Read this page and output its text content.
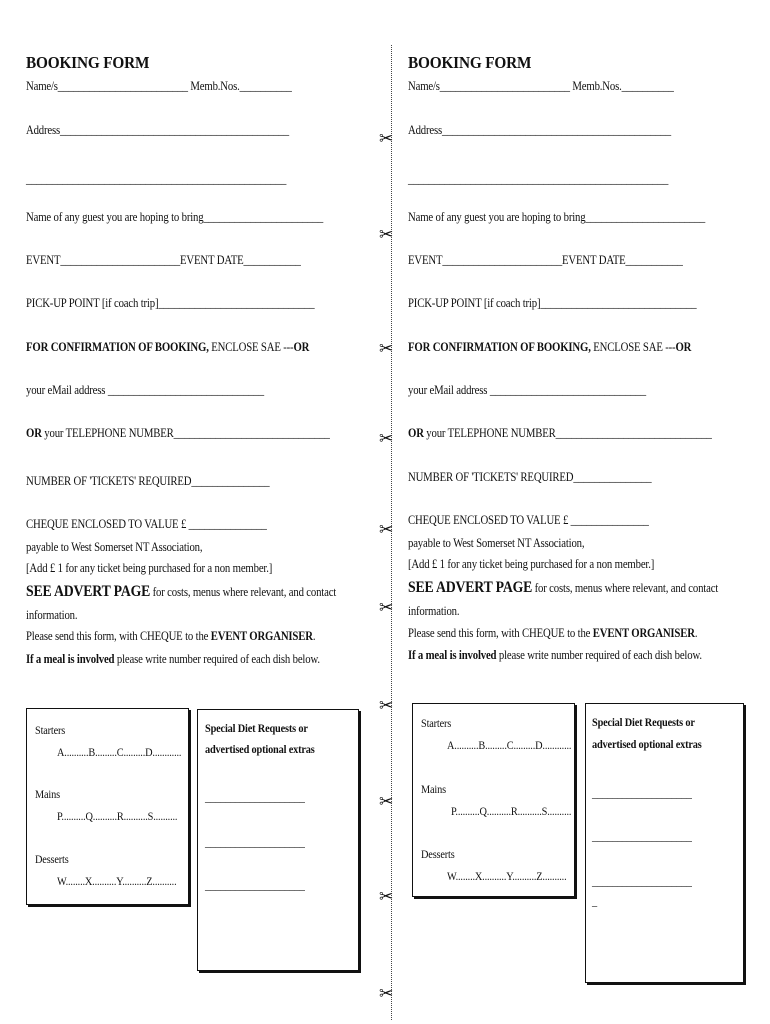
BOOKING FORM
Name/s_________________________ Memb.Nos.__________
Address____________________________________________
__________________________________________________
Name of any guest you are hoping to bring_______________________
EVENT_______________________EVENT DATE___________
PICK-UP POINT [if coach trip]______________________________
FOR CONFIRMATION OF BOOKING, ENCLOSE SAE ---OR
your eMail address ______________________________
OR your TELEPHONE NUMBER______________________________
NUMBER OF 'TICKETS' REQUIRED_______________
CHEQUE ENCLOSED TO VALUE £ _______________
payable to West Somerset NT Association,
[Add £ 1 for any ticket being purchased for a non member.]
SEE ADVERT PAGE for costs, menus where relevant, and contact
information.
Please send this form, with CHEQUE to the EVENT ORGANISER.
If a meal is involved please write number required of each dish below.
Starters
A..........B.........C.........D............
Mains
P..........Q..........R..........S..........
Desserts
W........X..........Y..........Z..........
Special Diet Requests or
advertised optional extras
____________________
____________________
____________________
BOOKING FORM
Name/s_________________________ Memb.Nos.__________
Address____________________________________________
__________________________________________________
Name of any guest you are hoping to bring_______________________
EVENT_______________________EVENT DATE___________
PICK-UP POINT [if coach trip]______________________________
FOR CONFIRMATION OF BOOKING, ENCLOSE SAE ---OR
your eMail address ______________________________
OR your TELEPHONE NUMBER______________________________
NUMBER OF 'TICKETS' REQUIRED_______________
CHEQUE ENCLOSED TO VALUE £ _______________
payable to West Somerset NT Association,
[Add £ 1 for any ticket being purchased for a non member.]
SEE ADVERT PAGE for costs, menus where relevant, and contact
information.
Please send this form, with CHEQUE to the EVENT ORGANISER.
If a meal is involved please write number required of each dish below.
Starters
A..........B.........C.........D............
Mains
P..........Q..........R..........S..........
Desserts
W........X..........Y..........Z..........
Special Diet Requests or
advertised optional extras
____________________
____________________
____________________
_
✂
✂
✂
✂
✂
✂
✂
✂
✂
✂
